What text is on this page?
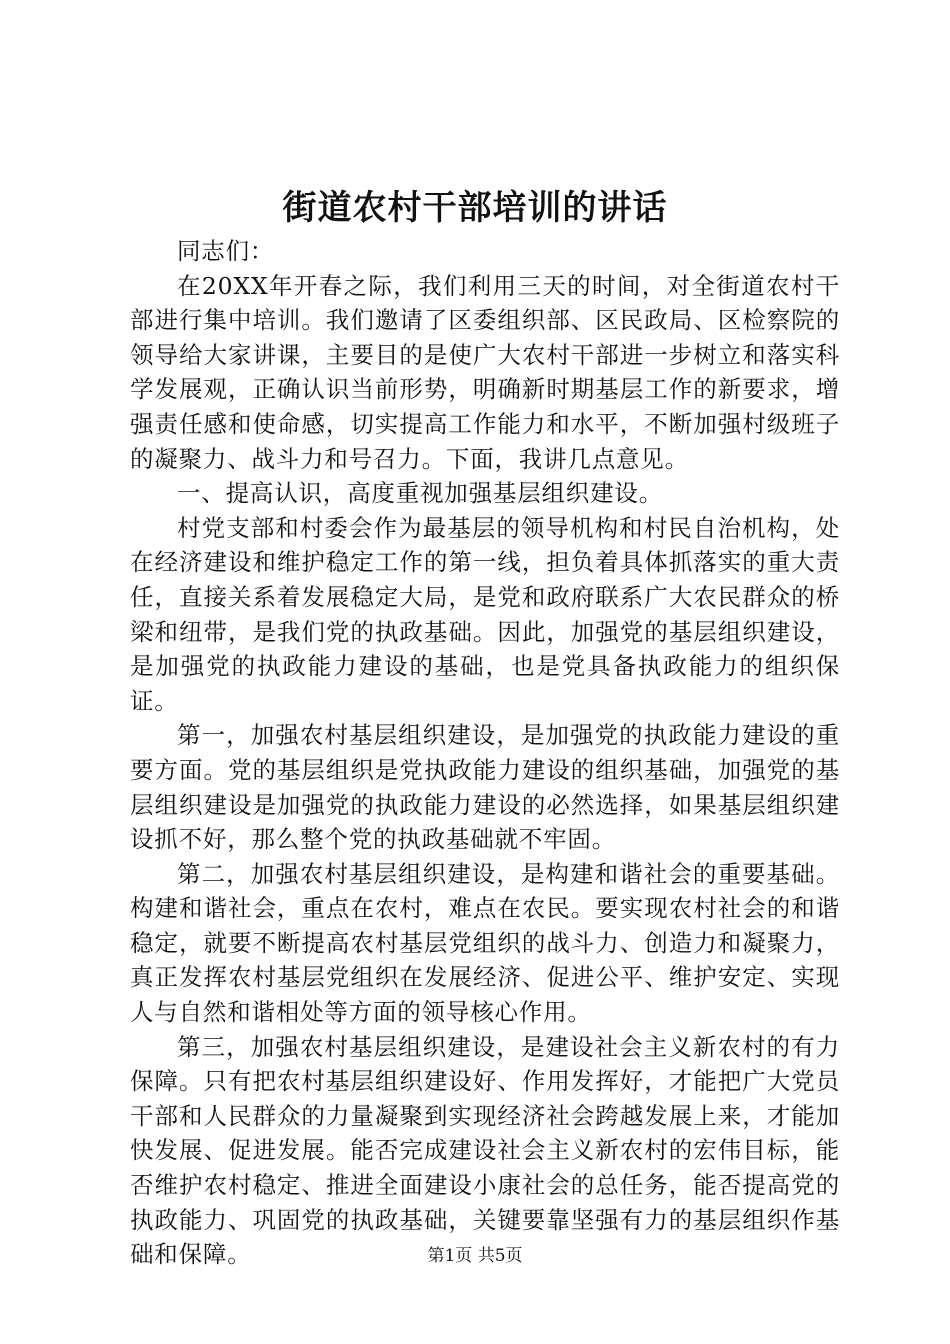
街道农村干部培训的讲话

同志们：

在20XX年开春之际，我们利用三天的时间，对全街道农村干部进行集中培训。我们邀请了区委组织部、区民政局、区检察院的领导给大家讲课，主要目的是使广大农村干部进一步树立和落实科学发展观，正确认识当前形势，明确新时期基层工作的新要求，增强责任感和使命感，切实提高工作能力和水平，不断加强村级班子的凝聚力、战斗力和号召力。下面，我讲几点意见。

一、提高认识，高度重视加强基层组织建设。

村党支部和村委会作为最基层的领导机构和村民自治机构，处在经济建设和维护稳定工作的第一线，担负着具体抓落实的重大责任，直接关系着发展稳定大局，是党和政府联系广大农民群众的桥梁和纽带，是我们党的执政基础。因此，加强党的基层组织建设，是加强党的执政能力建设的基础，也是党具备执政能力的组织保证。

第一，加强农村基层组织建设，是加强党的执政能力建设的重要方面。党的基层组织是党执政能力建设的组织基础，加强党的基层组织建设是加强党的执政能力建设的必然选择，如果基层组织建设抓不好，那么整个党的执政基础就不牢固。

第二，加强农村基层组织建设，是构建和谐社会的重要基础。构建和谐社会，重点在农村，难点在农民。要实现农村社会的和谐稳定，就要不断提高农村基层党组织的战斗力、创造力和凝聚力，真正发挥农村基层党组织在发展经济、促进公平、维护安定、实现人与自然和谐相处等方面的领导核心作用。

第三，加强农村基层组织建设，是建设社会主义新农村的有力保障。只有把农村基层组织建设好、作用发挥好，才能把广大党员干部和人民群众的力量凝聚到实现经济社会跨越发展上来，才能加快发展、促进发展。能否完成建设社会主义新农村的宏伟目标，能否维护农村稳定、推进全面建设小康社会的总任务，能否提高党的执政能力、巩固党的执政基础，关键要靠坚强有力的基层组织作基础和保障。	第1页 共5页
